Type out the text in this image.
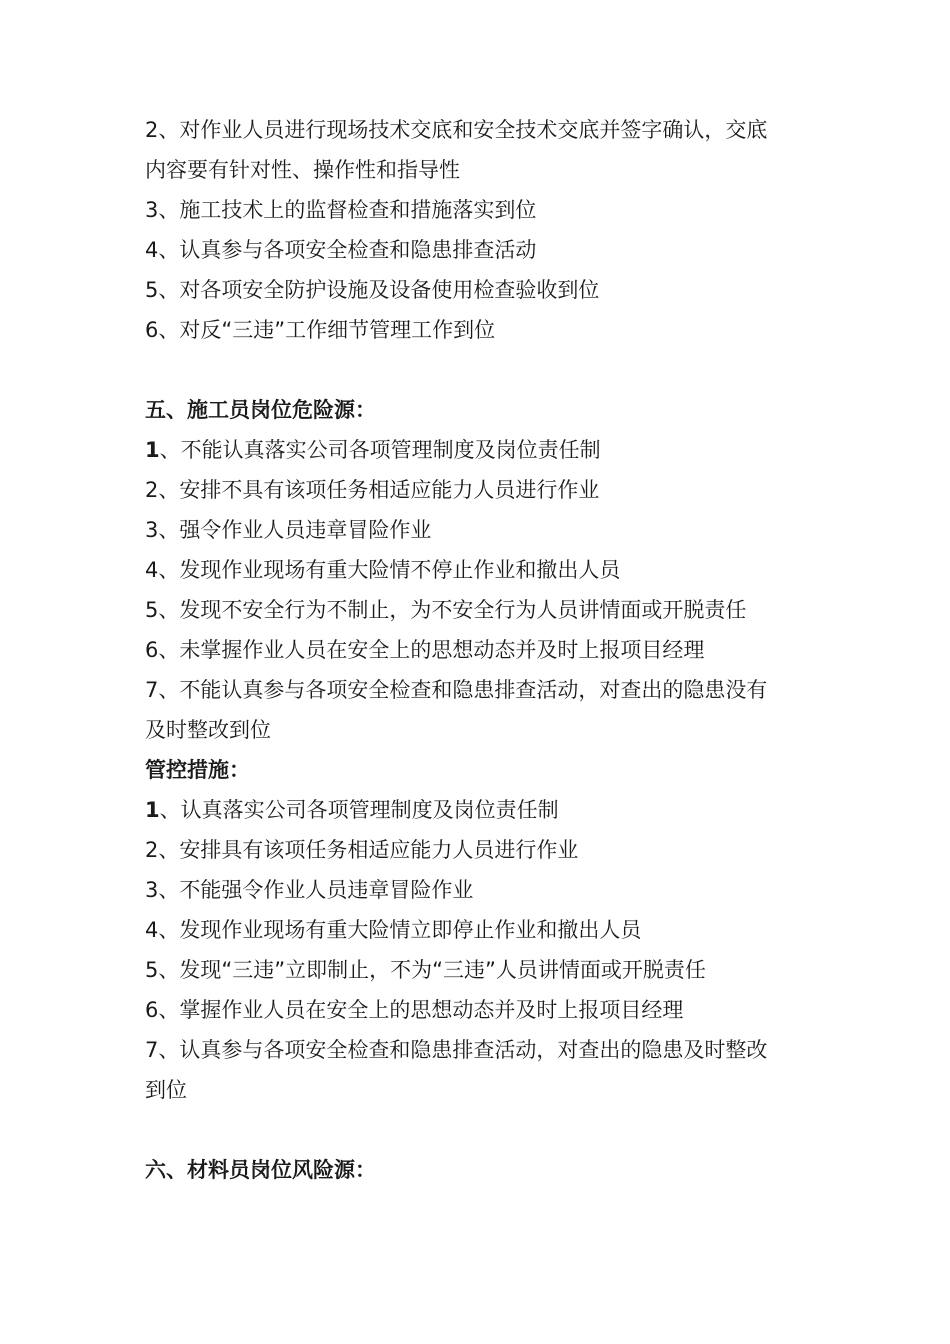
2、对作业人员进行现场技术交底和安全技术交底并签字确认，交底
内容要有针对性、操作性和指导性
3、施工技术上的监督检查和措施落实到位
4、认真参与各项安全检查和隐患排查活动
5、对各项安全防护设施及设备使用检查验收到位
6、对反“三违”工作细节管理工作到位
五、施工员岗位危险源：
1、不能认真落实公司各项管理制度及岗位责任制
2、安排不具有该项任务相适应能力人员进行作业
3、强令作业人员违章冒险作业
4、发现作业现场有重大险情不停止作业和撤出人员
5、发现不安全行为不制止，为不安全行为人员讲情面或开脱责任
6、未掌握作业人员在安全上的思想动态并及时上报项目经理
7、不能认真参与各项安全检查和隐患排查活动，对查出的隐患没有
及时整改到位
管控措施：
1、认真落实公司各项管理制度及岗位责任制
2、安排具有该项任务相适应能力人员进行作业
3、不能强令作业人员违章冒险作业
4、发现作业现场有重大险情立即停止作业和撤出人员
5、发现“三违”立即制止，不为“三违”人员讲情面或开脱责任
6、掌握作业人员在安全上的思想动态并及时上报项目经理
7、认真参与各项安全检查和隐患排查活动，对查出的隐患及时整改
到位
六、材料员岗位风险源：
